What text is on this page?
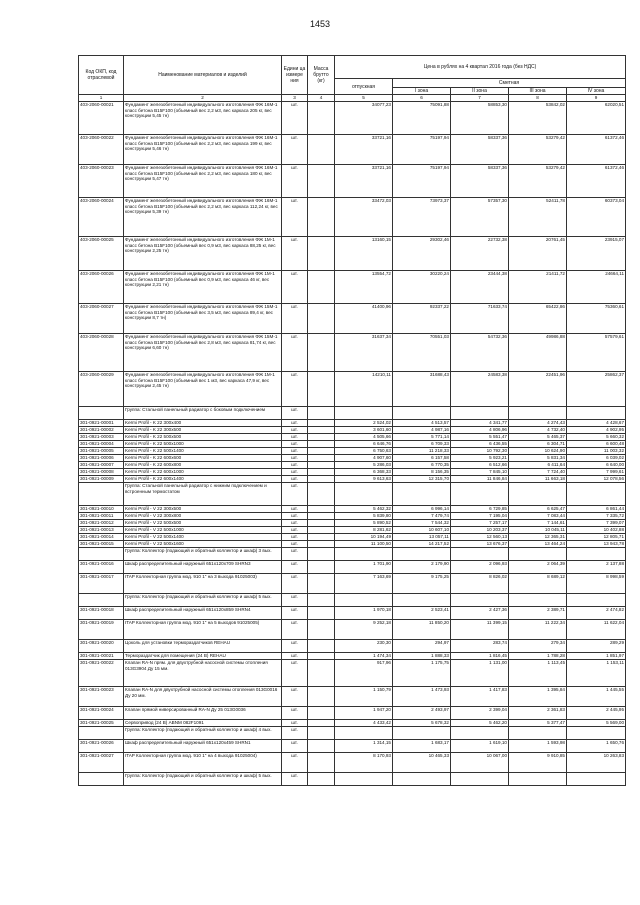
1453
Код ОКП, код отраслевой	Наименование материалов и изделий	Едини ца измере ния	Масса брутто (кг)	Цена в рублях на 4 квартал 2016 года (без НДС)				
				отпускная	Сметная			
					I зона	II зона	III зона	IV зона
1	2	3	4	5	6	7	8	9
403-2060-00021	Фундамент железобетонный индивидуального изготовления ФЖ 16М-1 класс бетона В15F100 (объемный вес 2,2 м3, вес каркаса 205 кг, вес конструкции 5,45 тн)	шт.		34077,23	75091,88	58853,30	53842,02	62020,51
403-2060-00022	Фундамент железобетонный индивидуального изготовления ФЖ 16М-1 класс бетона В15F100 (объемный вес 2,2 м3, вес каркаса 199 кг, вес конструкции 5,46 тн)	шт.		33721,16	75197,94	58337,36	53279,42	61372,46
403-2060-00023	Фундамент железобетонный индивидуального изготовления ФЖ 16М-1 класс бетона В15F100 (объемный вес 2,2 м3, вес каркаса 180 кг, вес конструкции 5,47 тн)	шт.		33721,16	75197,94	58337,36	53279,42	61372,46
403-2060-00024	Фундамент железобетонный индивидуального изготовления ФЖ 16М-1 класс бетона В15F100 (объемный вес 2,2 м3, вес каркаса 112,24 кг, вес конструкции 5,39 тн)	шт.		33472,03	73973,37	57357,30	52411,78	60373,04
403-2060-00025	Фундамент железобетонный индивидуального изготовления ФЖ 1М-1 класс бетона В15F100 (объемный вес 0,9 м3, вес каркаса 88,25 кг, вес конструкции 2,25 тн)	шт.		13160,15	29302,46	22732,38	20761,45	23915,07
403-2060-00026	Фундамент железобетонный индивидуального изготовления ФЖ 1М-1 класс бетона В15F100 (объемный вес 0,9 м3, вес каркаса 46 кг, вес конструкции 2,21 тн)	шт.		13554,72	30220,24	23444,38	21411,72	24664,11
403-2060-00027	Фундамент железобетонный индивидуального изготовления ФЖ 15М-1 класс бетона В15F100 (объемный вес 3,5 м3, вес каркаса 89,4 кг, вес конструкции 8,7 тн)	шт.		41400,96	92337,22	71633,74	65422,86	75360,61
403-2060-00028	Фундамент железобетонный индивидуального изготовления ФЖ 15М-1 класс бетона В15F100 (объемный вес 2,8 м3, вес каркаса 81,74 кг, вес конструкции 6,60 тн)	шт.		31637,34	70551,03	54732,36	49986,88	57579,61
403-2060-00029	Фундамент железобетонный индивидуального изготовления ФЖ 1М-1 класс бетона В15F100 (объемный вес 1 м3, вес каркаса 47,9 кг, вес конструкции 2,45 тн)	шт.		14210,11	31688,43	24583,38	22451,96	25862,37
	Группа: Стальной панельный радиатор с боковым подключением	шт.						
301-0921-00001	Kermi Profil - K 22 300x400	шт.		2 524,02	4 513,57	4 341,77	4 274,43	4 428,67
301-0921-00002	Kermi Profil - K 22 300x500	шт.		3 601,60	4 987,16	4 806,96	4 732,40	4 902,95
301-0921-00003	Kermi Profil - K 22 500x500	шт.		4 505,66	5 771,14	5 551,47	5 465,37	5 660,32
301-0921-00004	Kermi Profil - K 22 500x1000	шт.		6 646,76	6 709,33	6 436,55	6 304,71	6 600,48
301-0921-00005	Kermi Profil - K 22 500x1400	шт.		6 750,63	11 218,33	10 792,30	10 624,90	11 003,32
301-0921-00006	Kermi Profil - K 22 600x600	шт.		4 907,60	6 157,58	5 923,21	5 831,34	6 039,02
301-0921-00007	Kermi Profil - K 22 600x800	шт.		5 286,03	6 770,35	6 512,66	6 411,64	6 640,00
301-0921-00008	Kermi Profil - K 22 600x1000	шт.		6 368,33	8 156,35	7 845,10	7 724,40	7 999,61
301-0921-00009	Kermi Profil - K 22 600x1400	шт.		9 613,63	12 315,70	11 846,84	11 663,18	12 078,56
	Группа: Стальной панельный радиатор с нижним подключением и встроенным термостатом	шт.						
301-0921-00010	Kermi Profil - V 22 300x500	шт.		5 462,32	6 996,14	6 729,85	6 625,47	6 861,44
301-0921-00011	Kermi Profil - V 22 300x800	шт.		5 839,80	7 479,74	7 195,04	7 083,44	7 335,72
301-0921-00012	Kermi Profil - V 22 500x500	шт.		5 890,52	7 544,32	7 257,17	7 144,61	7 399,07
301-0921-00013	Kermi Profil - V 22 500x1000	шт.		8 281,62	10 607,10	10 203,37	10 045,11	10 402,88
301-0921-00014	Kermi Profil - V 22 500x1400	шт.		10 194,49	13 057,11	12 560,13	12 365,31	12 805,71
301-0921-00015	Kermi Profil - V 22 500x1600	шт.		11 100,50	14 217,52	13 676,37	13 464,24	13 943,78
	Группа: Коллектор (подающий и обратный коллектор и шкаф) 3 вых.	шт.						
301-0921-00016	Шкаф распределительный наружный 651x120x709 SHRN3	шт.		1 701,90	2 179,90	2 096,93	2 064,39	2 137,88
301-0921-00017	ITAP Коллекторная группа мод. 910 1" на 3 выхода 91025003)	шт.		7 163,69	9 175,25	8 826,02	8 689,12	8 998,59
	Группа: Коллектор (подающий и обратный коллектор и шкаф) 5 вых.	шт.						
301-0921-00018	Шкаф распределительный наружный 651x120x859 SHRN4	шт.		1 970,18	2 523,41	2 427,36	2 389,71	2 474,82
301-0921-00019	ITAP Коллекторная группа мод. 910 1" на 5 выходов 91025005)	шт.		9 252,18	11 850,20	11 399,15	11 222,34	11 622,04
301-0921-00020	Цоколь для установки термораздатчиков REHAU	шт.		230,30	294,97	283,74	279,34	289,29
301-0921-00021	Термораздатчик для помещения (24 В) REHAU	шт.		1 474,34	1 888,33	1 816,45	1 788,28	1 851,97
301-0921-00022	Клапан RA-N прям. для двухтрубной насосной системы отопления 013G3904 Ду 15 мм.	шт.		917,96	1 175,75	1 131,00	1 113,45	1 153,11
301-0921-00023	Клапан RA-N для двухтрубной насосной системы отопления 013G0016 Ду 20 мм.	шт.		1 150,79	1 473,93	1 417,83	1 395,84	1 445,55
301-0921-00024	Клапан прямой ниверсированный RA-N Ду 25 013G0036	шт.		1 947,20	2 493,97	2 399,04	2 361,83	2 445,95
301-0921-00025	Сервопривод (24 В) ABNM 082F1091	шт.		4 433,42	5 678,32	5 462,20	5 377,47	5 569,00
	Группа: Коллектор (подающий и обратный коллектор и шкаф) 4 вых.	шт.						
301-0921-00026	Шкаф распределительный наружный 651x120x459 SHRN1	шт.		1 314,15	1 683,17	1 619,10	1 593,98	1 650,76
301-0921-00027	ITAP Коллекторная группа мод. 910 1" на 4 выхода 91025004)	шт.		8 170,93	10 465,33	10 067,00	9 910,85	10 263,83
	Группа: Коллектор (подающий и обратный коллектор и шкаф) 5 вых.	шт.						
